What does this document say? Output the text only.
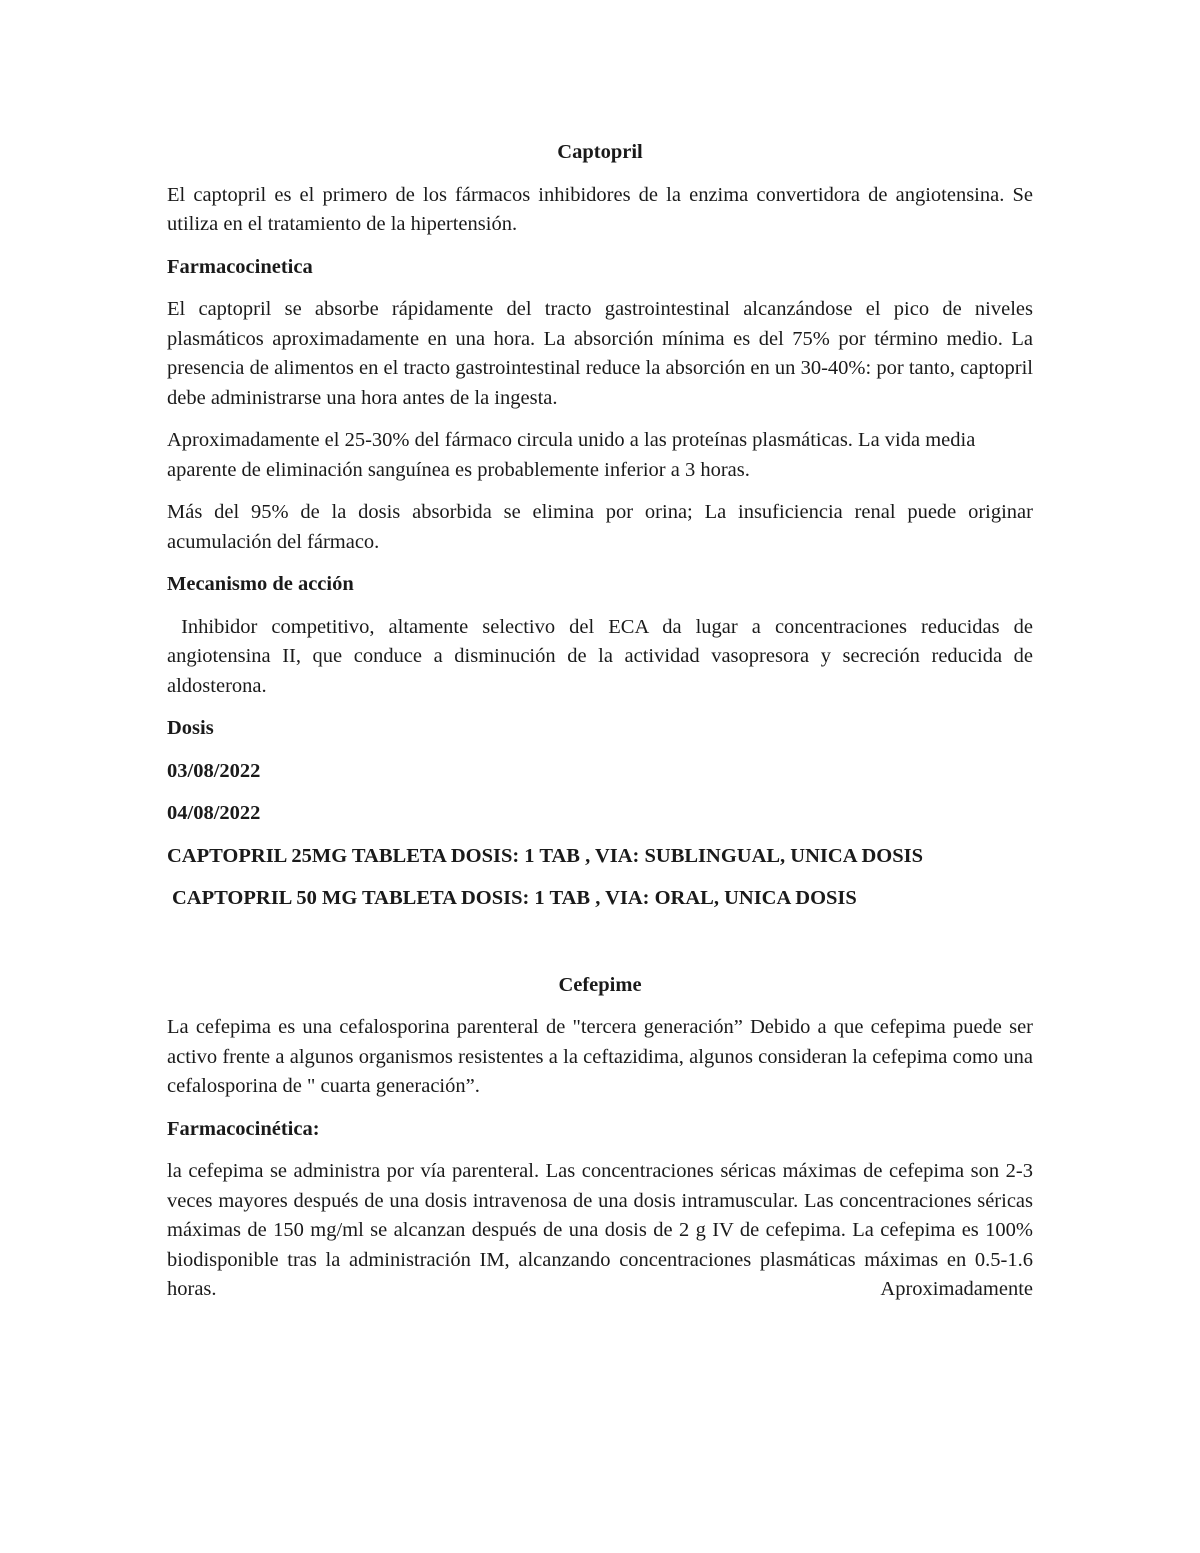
Captopril
El captopril es el primero de los fármacos inhibidores de la enzima convertidora de angiotensina. Se utiliza en el tratamiento de la hipertensión.
Farmacocinetica
El captopril se absorbe rápidamente del tracto gastrointestinal alcanzándose el pico de niveles plasmáticos aproximadamente en una hora. La absorción mínima es del 75% por término medio. La presencia de alimentos en el tracto gastrointestinal reduce la absorción en un 30-40%: por tanto, captopril debe administrarse una hora antes de la ingesta.
Aproximadamente el 25-30% del fármaco circula unido a las proteínas plasmáticas. La vida media aparente de eliminación sanguínea es probablemente inferior a 3 horas.
Más del 95% de la dosis absorbida se elimina por orina; La insuficiencia renal puede originar acumulación del fármaco.
Mecanismo de acción
Inhibidor competitivo, altamente selectivo del ECA da lugar a concentraciones reducidas de angiotensina II, que conduce a disminución de la actividad vasopresora y secreción reducida de aldosterona.
Dosis
03/08/2022
04/08/2022
CAPTOPRIL 25MG TABLETA DOSIS: 1 TAB , VIA: SUBLINGUAL, UNICA DOSIS
CAPTOPRIL 50 MG TABLETA DOSIS: 1 TAB , VIA: ORAL, UNICA DOSIS
Cefepime
La cefepima es una cefalosporina parenteral de "tercera generación” Debido a que cefepima puede ser activo frente a algunos organismos resistentes a la ceftazidima, algunos consideran la cefepima como una cefalosporina de " cuarta generación”.
Farmacocinética:
la cefepima se administra por vía parenteral. Las concentraciones séricas máximas de cefepima son 2-3 veces mayores después de una dosis intravenosa de una dosis intramuscular. Las concentraciones séricas máximas de 150 mg/ml se alcanzan después de una dosis de 2 g IV de cefepima. La cefepima es 100% biodisponible tras la administración IM, alcanzando concentraciones plasmáticas máximas en 0.5-1.6 horas. Aproximadamente
